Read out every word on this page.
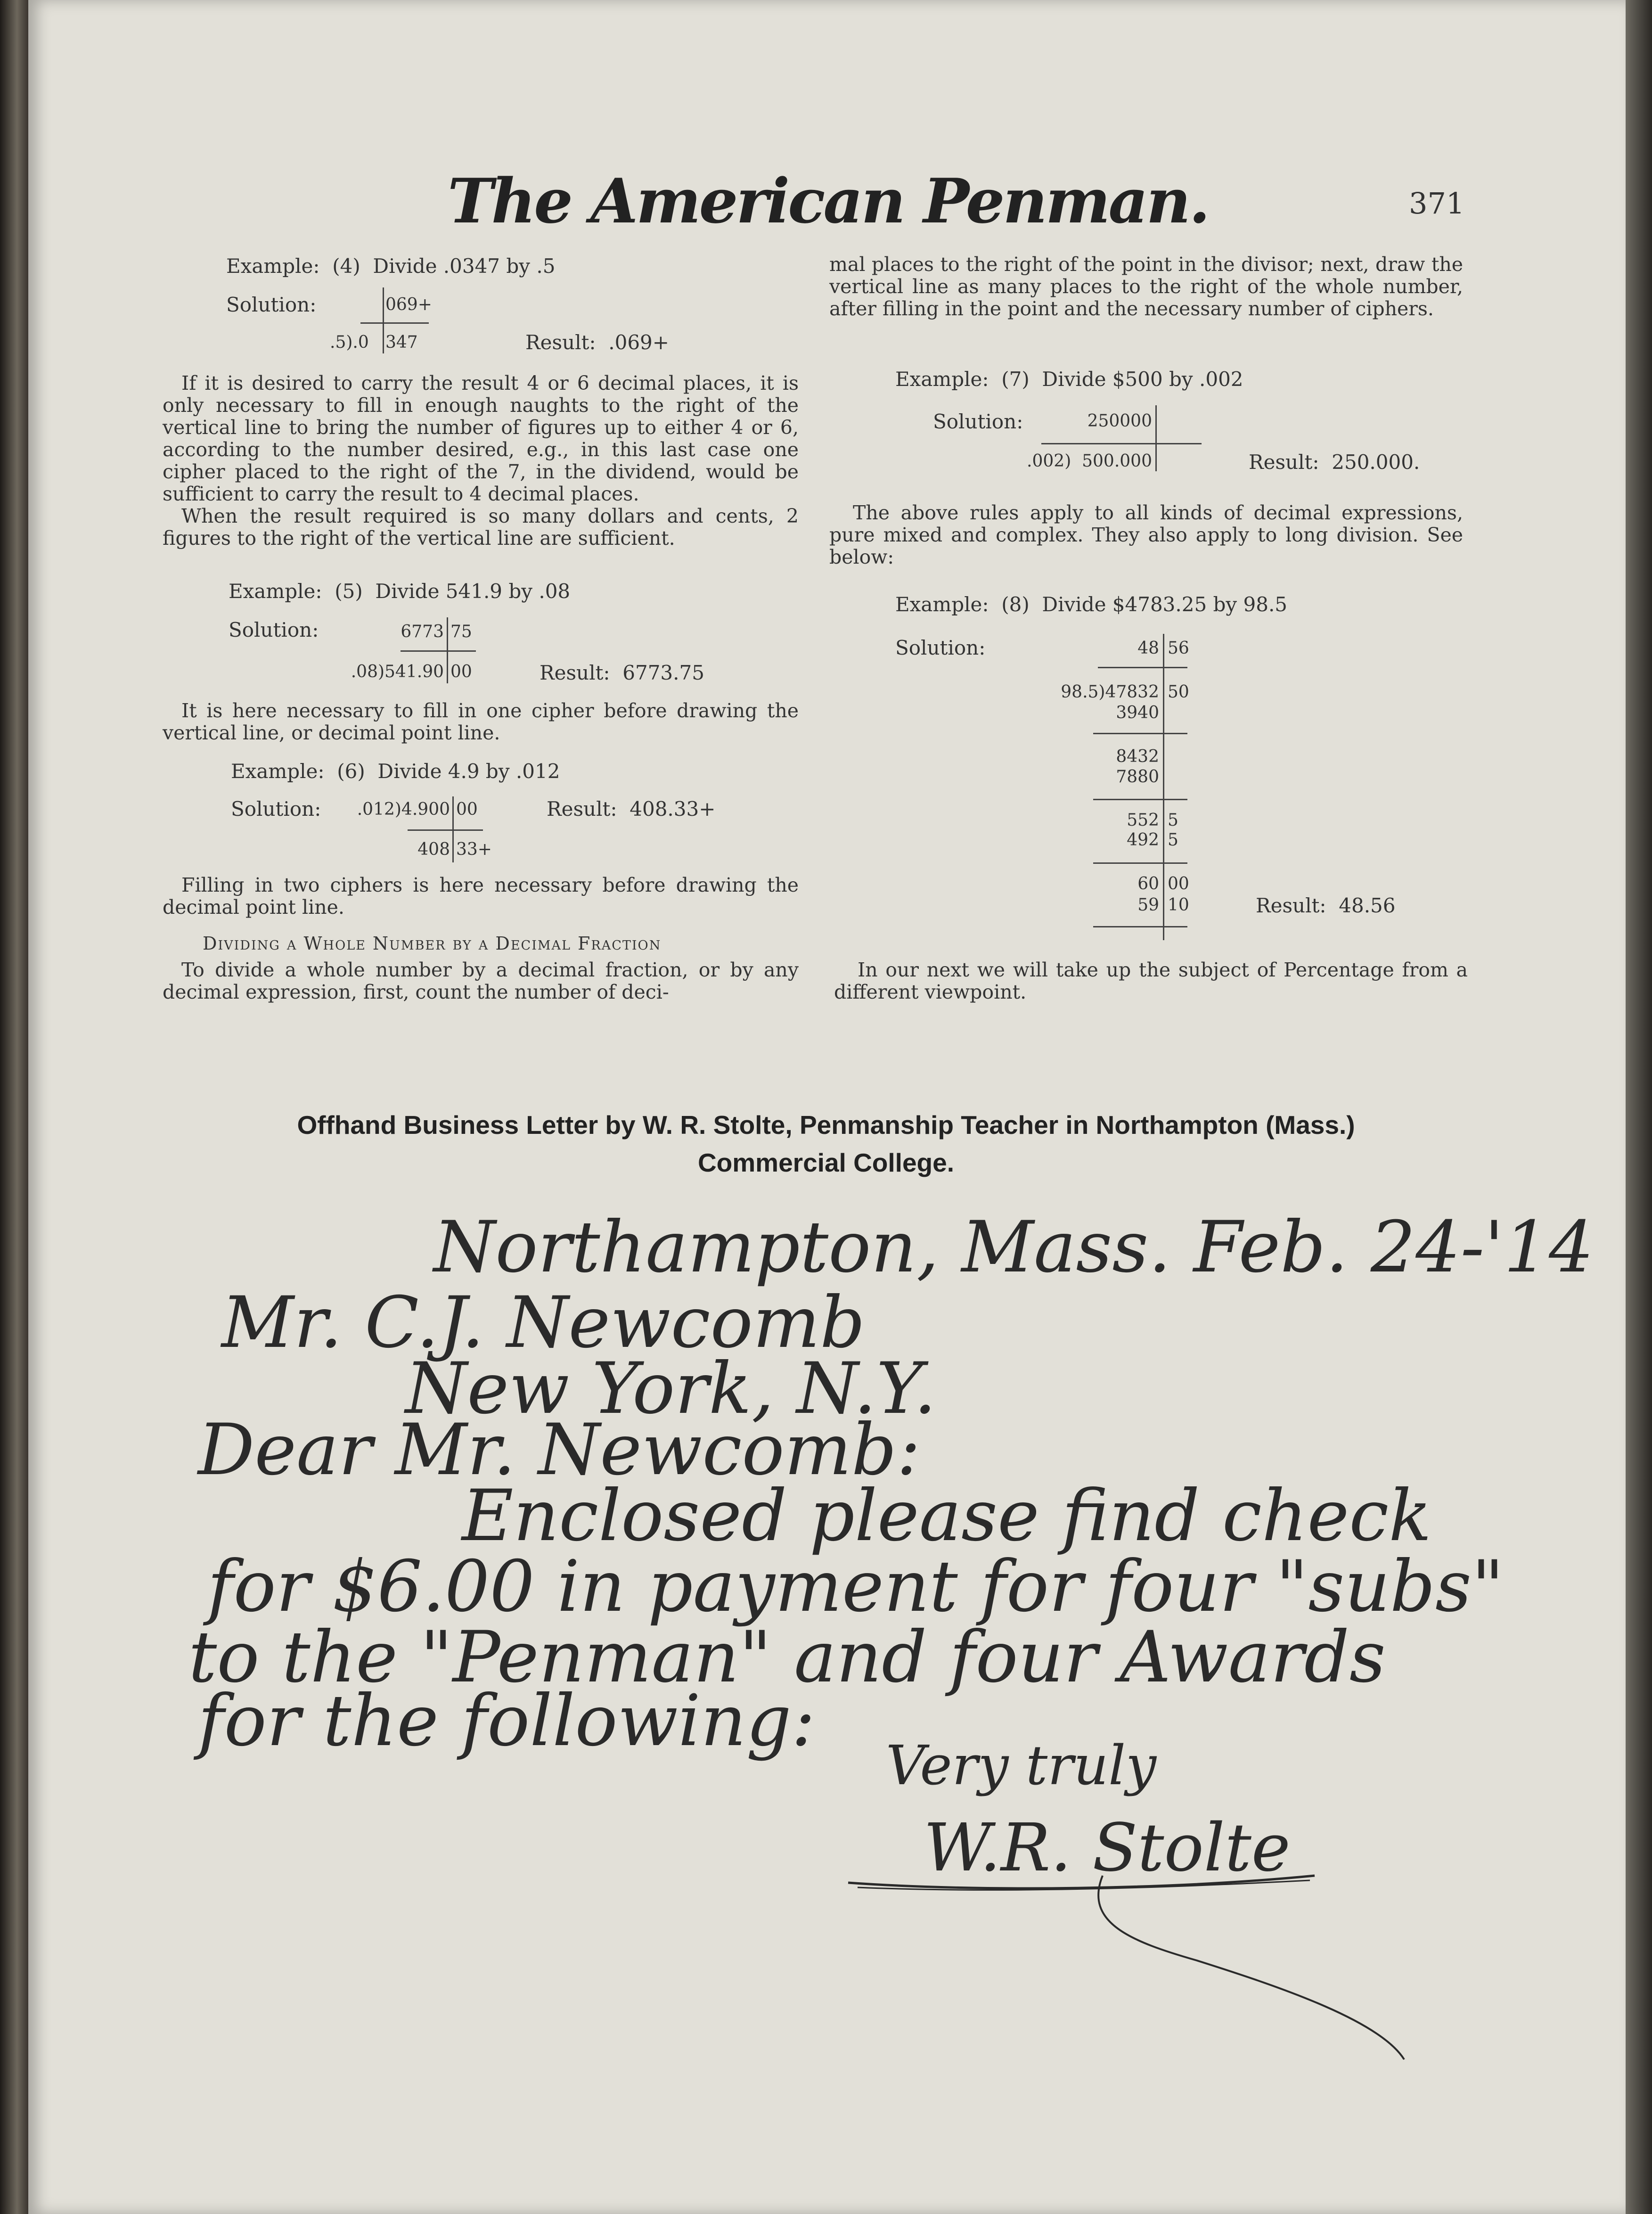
The American Penman.	371
Example:  (4)  Divide .0347 by .5
Solution:	069+
.5).0 347	Result:  .069+

If it is desired to carry the result 4 or 6 decimal places, it is only necessary to fill in enough naughts to the right of the vertical line to bring the number of figures up to either 4 or 6, according to the number desired, e.g., in this last case one cipher placed to the right of the 7, in the dividend, would be sufficient to carry the result to 4 decimal places.

When the result required is so many dollars and cents, 2 figures to the right of the vertical line are sufficient.

Example:  (5)  Divide 541.9 by .08
Solution:	6773 75
.08)541.90 00	Result:  6773.75

It is here necessary to fill in one cipher before drawing the vertical line, or decimal point line.

Example:  (6)  Divide 4.9 by .012
Solution:	.012)4.900 00	Result:  408.33+
408 33+

Filling in two ciphers is here necessary before drawing the decimal point line.

Dividing a Whole Number by a Decimal Fraction

To divide a whole number by a decimal fraction, or by any decimal expression, first, count the number of deci-

mal places to the right of the point in the divisor; next, draw the vertical line as many places to the right of the whole number, after filling in the point and the necessary number of ciphers.

Example:  (7)  Divide $500 by .002
Solution:	250000
.002)  500.000	Result:  250.000.

The above rules apply to all kinds of decimal expressions, pure mixed and complex. They also apply to long division. See below:

Example:  (8)  Divide $4783.25 by 98.5
Solution:	48 56
98.5)47832 50
3940
8432
7880
552 5
492 5
60 00
59 10	Result:  48.56

In our next we will take up the subject of Percentage from a different viewpoint.

Offhand Business Letter by W. R. Stolte, Penmanship Teacher in Northampton (Mass.)
Commercial College.
Northampton, Mass. Feb. 24-'14
Mr. C.J. Newcomb
New York, N.Y.
Dear Mr. Newcomb:
Enclosed please find check
for $6.00 in payment for four "subs"
to the "Penman" and four Awards
for the following:
Very truly
W.R. Stolte
